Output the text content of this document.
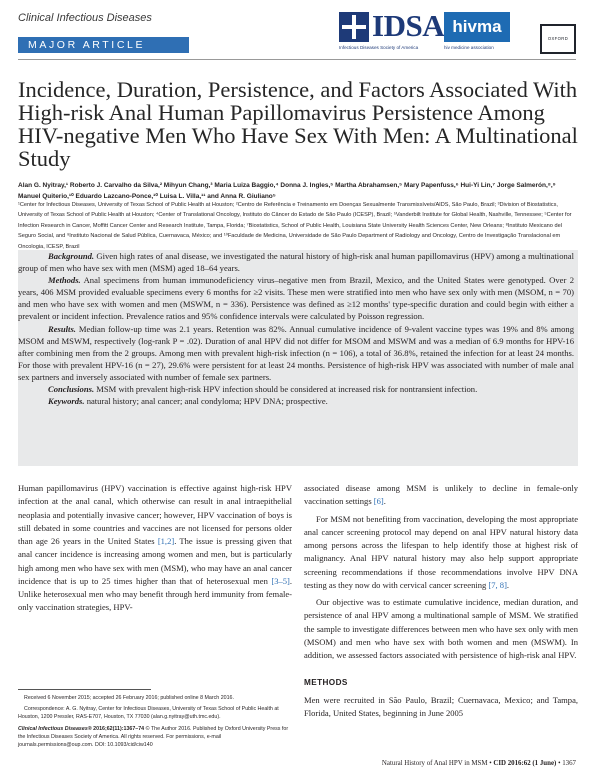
Clinical Infectious Diseases
MAJOR ARTICLE
IDSA
Infectious Diseases Society of America
hivma
hiv medicine association
OXFORD
Incidence, Duration, Persistence, and Factors Associated With High-risk Anal Human Papillomavirus Persistence Among HIV-negative Men Who Have Sex With Men: A Multinational Study
Alan G. Nyitray,¹ Roberto J. Carvalho da Silva,² Mihyun Chang,³ Maria Luiza Baggio,⁴ Donna J. Ingles,⁵ Martha Abrahamsen,⁵ Mary Papenfuss,⁶ Hui-Yi Lin,⁷ Jorge Salmerón,⁸,⁹ Manuel Quiterio,¹⁰ Eduardo Lazcano-Ponce,¹⁰ Luisa L. Villa,¹¹ and Anna R. Giuliano⁵
¹Center for Infectious Diseases, University of Texas School of Public Health at Houston; ²Centro de Referência e Treinamento em Doenças Sexualmente Transmissíveis/AIDS, São Paulo, Brazil; ³Division of Biostatistics, University of Texas School of Public Health at Houston; ⁴Center of Translational Oncology, Instituto do Câncer do Estado de São Paulo (ICESP), Brazil; ⁵Vanderbilt Institute for Global Health, Nashville, Tennessee; ⁵Center for Infection Research in Cancer, Moffitt Cancer Center and Research Institute, Tampa, Florida; ⁷Biostatistics, School of Public Health, Louisiana State University Health Sciences Center, New Orleans; ⁸Instituto Mexicano del Seguro Social, and ⁹Instituto Nacional de Salud Pública, Cuernavaca, México; and ¹⁰Faculdade de Medicina, Universidade de São Paulo Department of Radiology and Oncology, Centro de Investigação Translacional em Oncologia, ICESP, Brazil

Background. Given high rates of anal disease, we investigated the natural history of high-risk anal human papillomavirus (HPV) among a multinational group of men who have sex with men (MSM) aged 18–64 years.

Methods. Anal specimens from human immunodeficiency virus–negative men from Brazil, Mexico, and the United States were genotyped. Over 2 years, 406 MSM provided evaluable specimens every 6 months for ≥2 visits. These men were stratified into men who have sex only with men (MSOM, n = 70) and men who have sex with women and men (MSWM, n = 336). Persistence was defined as ≥12 months' type-specific duration and could begin with either a prevalent or incident infection. Prevalence ratios and 95% confidence intervals were calculated by Poisson regression.

Results. Median follow-up time was 2.1 years. Retention was 82%. Annual cumulative incidence of 9-valent vaccine types was 19% and 8% among MSOM and MSWM, respectively (log-rank P = .02). Duration of anal HPV did not differ for MSOM and MSWM and was a median of 6.9 months for HPV-16 after combining men from the 2 groups. Among men with prevalent high-risk infection (n = 106), a total of 36.8%, retained the infection for at least 24 months. For those with prevalent HPV-16 (n = 27), 29.6% were persistent for at least 24 months. Persistence of high-risk HPV was associated with number of male anal sex partners and inversely associated with number of female sex partners.

Conclusions. MSM with prevalent high-risk HPV infection should be considered at increased risk for nontransient infection.

Keywords. natural history; anal cancer; anal condyloma; HPV DNA; prospective.

Human papillomavirus (HPV) vaccination is effective against high-risk HPV infection at the anal canal, which otherwise can result in anal intraepithelial neoplasia and potentially invasive cancer; however, HPV vaccination of boys is still debated in some countries and vaccines are not licensed for persons older than age 26 years in the United States [1,2]. The issue is pressing given that anal cancer incidence is increasing among women and men, but is particularly high among men who have sex with men (MSM), who may have an anal cancer incidence that is up to 25 times higher than that of heterosexual men [3–5]. Unlike heterosexual men who may benefit through herd immunity from female-only vaccination strategies, HPV-

Received 6 November 2015; accepted 26 February 2016; published online 8 March 2016.

Correspondence: A. G. Nyitray, Center for Infectious Diseases, University of Texas School of Public Health at Houston, 1200 Pressler, RAS-E707, Houston, TX 77030 (alan.g.nyitray@uth.tmc.edu).

Clinical Infectious Diseases® 2016;62(11):1367–74 © The Author 2016. Published by Oxford University Press for the Infectious Diseases Society of America. All rights reserved. For permissions, e-mail journals.permissions@oup.com. DOI: 10.1093/cid/ciw140

associated disease among MSM is unlikely to decline in female-only vaccination settings [6].

For MSM not benefiting from vaccination, developing the most appropriate anal cancer screening protocol may depend on anal HPV natural history data among persons across the lifespan to help identify those at highest risk of malignancy. Anal HPV natural history may also help support appropriate screening recommendations if those recommendations involve HPV DNA testing as they now do with cervical cancer screening [7, 8].

Our objective was to estimate cumulative incidence, median duration, and persistence of anal HPV among a multinational sample of MSM. We stratified the sample to investigate differences between men who have sex only with men (MSOM) and men who have sex with both women and men (MSWM). In addition, we assessed factors associated with persistence of high-risk anal HPV.

METHODS

Men were recruited in São Paulo, Brazil; Cuernavaca, Mexico; and Tampa, Florida, United States, beginning in June 2005

Natural History of Anal HPV in MSM • CID 2016:62 (1 June) • 1367
